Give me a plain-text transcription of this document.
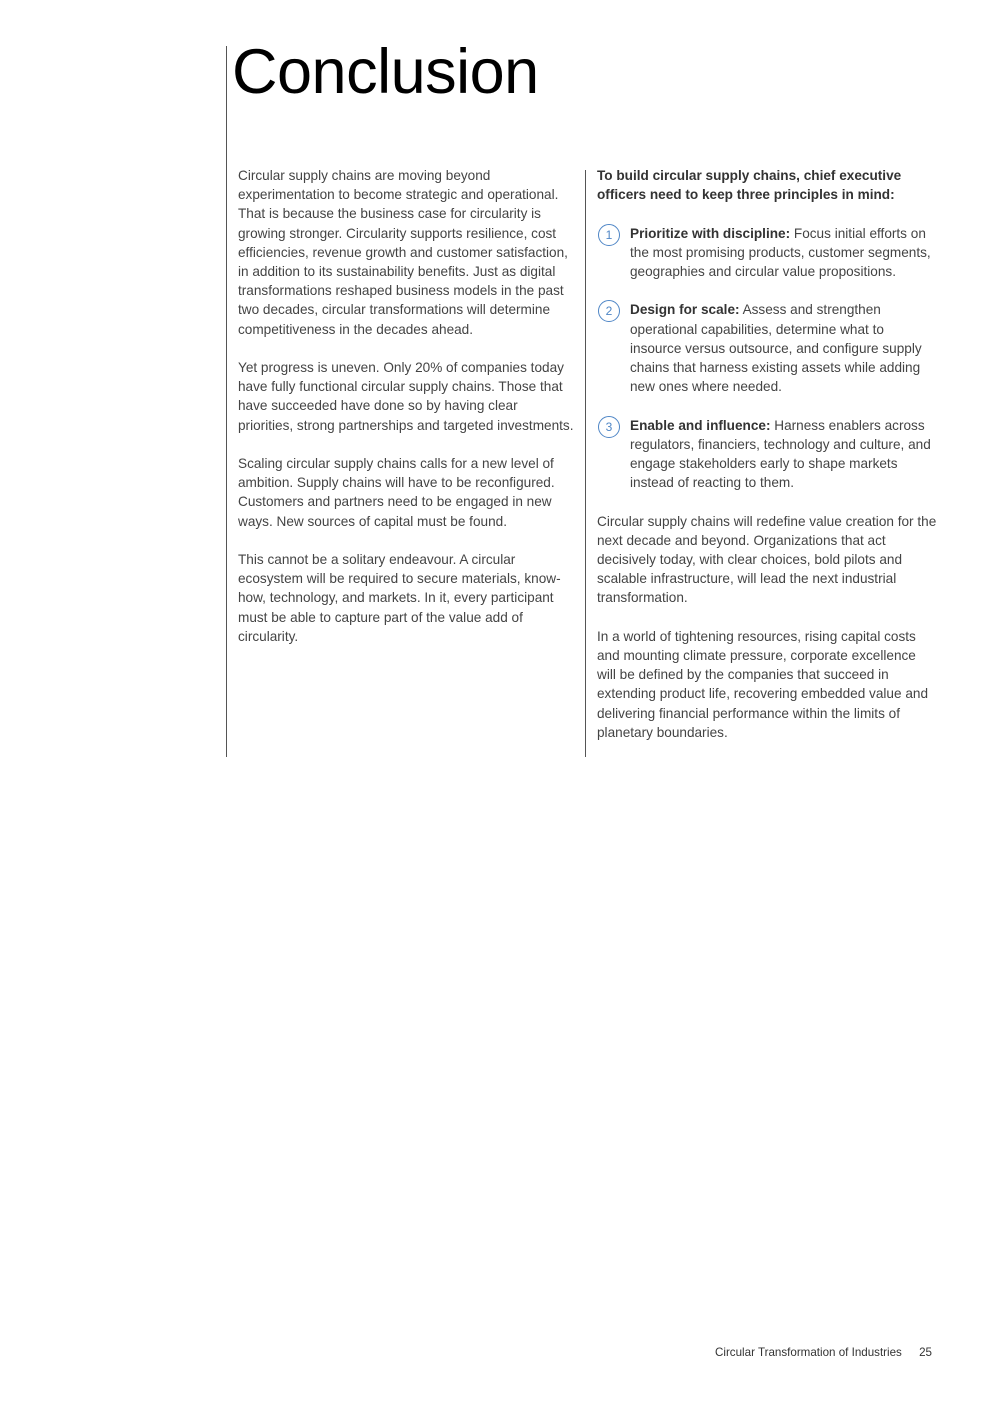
Conclusion

Circular supply chains are moving beyond experimentation to become strategic and operational. That is because the business case for circularity is growing stronger. Circularity supports resilience, cost efficiencies, revenue growth and customer satisfaction, in addition to its sustainability benefits. Just as digital transformations reshaped business models in the past two decades, circular transformations will determine competitiveness in the decades ahead.

Yet progress is uneven. Only 20% of companies today have fully functional circular supply chains. Those that have succeeded have done so by having clear priorities, strong partnerships and targeted investments.

Scaling circular supply chains calls for a new level of ambition. Supply chains will have to be reconfigured. Customers and partners need to be engaged in new ways. New sources of capital must be found.

This cannot be a solitary endeavour. A circular ecosystem will be required to secure materials, know-how, technology, and markets. In it, every participant must be able to capture part of the value add of circularity.

To build circular supply chains, chief executive officers need to keep three principles in mind:

1	Prioritize with discipline: Focus initial efforts on the most promising products, customer segments, geographies and circular value propositions.
2	Design for scale: Assess and strengthen operational capabilities, determine what to insource versus outsource, and configure supply chains that harness existing assets while adding new ones where needed.
3	Enable and influence: Harness enablers across regulators, financiers, technology and culture, and engage stakeholders early to shape markets instead of reacting to them.

Circular supply chains will redefine value creation for the next decade and beyond. Organizations that act decisively today, with clear choices, bold pilots and scalable infrastructure, will lead the next industrial transformation.

In a world of tightening resources, rising capital costs and mounting climate pressure, corporate excellence will be defined by the companies that succeed in extending product life, recovering embedded value and delivering financial performance within the limits of planetary boundaries.

Circular Transformation of Industries 25
